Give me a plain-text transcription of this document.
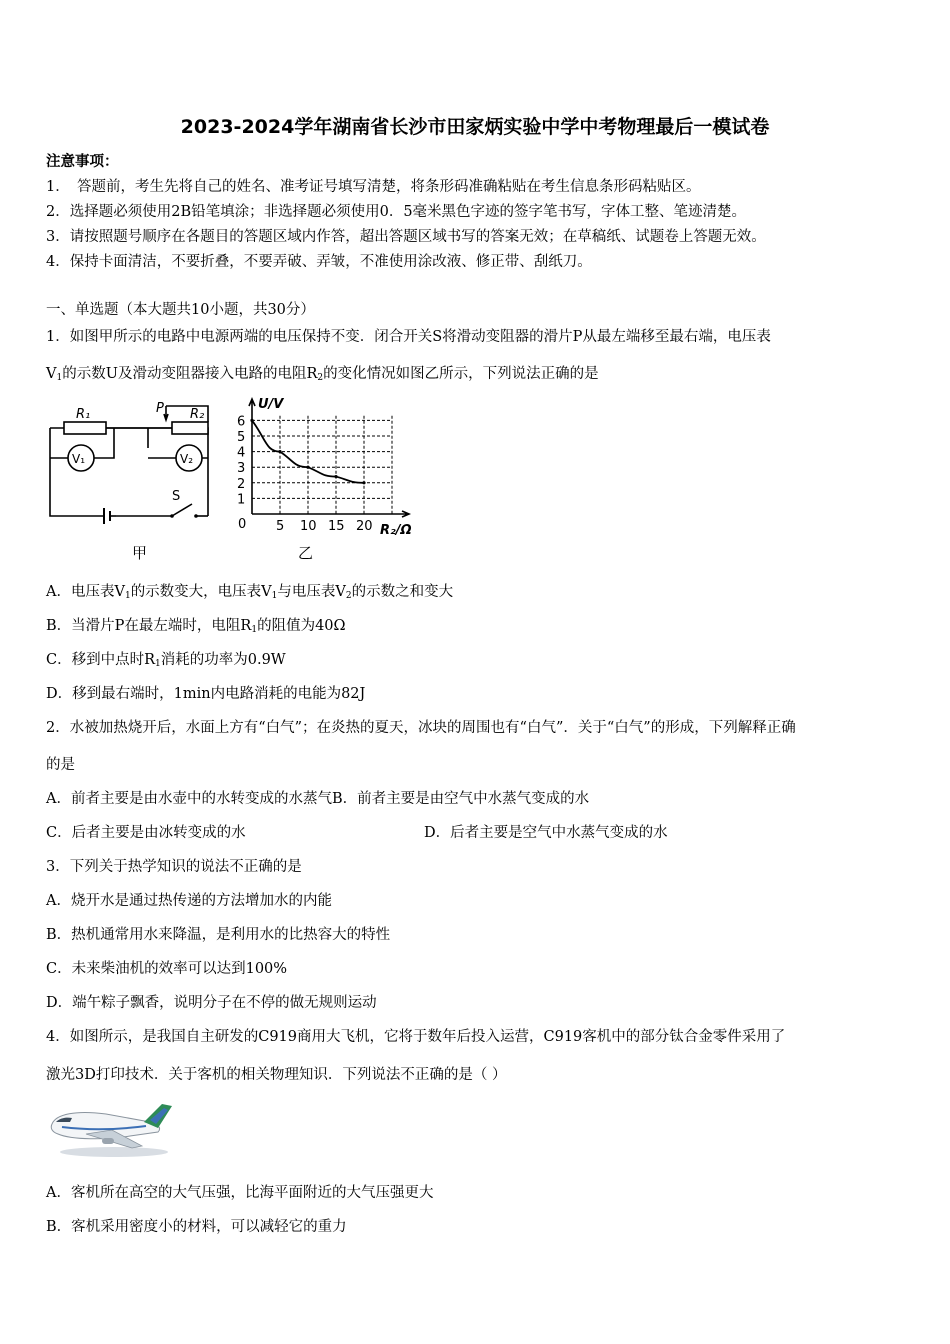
2023-2024学年湖南省长沙市田家炳实验中学中考物理最后一模试卷
注意事项：
1．　答题前，考生先将自己的姓名、准考证号填写清楚，将条形码准确粘贴在考生信息条形码粘贴区。
2．选择题必须使用2B铅笔填涂；非选择题必须使用0．5毫米黑色字迹的签字笔书写，字体工整、笔迹清楚。
3．请按照题号顺序在各题目的答题区域内作答，超出答题区域书写的答案无效；在草稿纸、试题卷上答题无效。
4．保持卡面清洁，不要折叠，不要弄破、弄皱，不准使用涂改液、修正带、刮纸刀。
一、单选题（本大题共10小题，共30分）
1．如图甲所示的电路中电源两端的电压保持不变．闭合开关S将滑动变阻器的滑片P从最左端移至最右端，电压表
$V_1$的示数U及滑动变阻器接入电路的电阻$R_2$的变化情况如图乙所示，下列说法正确的是
R₁	R₂
P
V₁	V₂
S
甲
1
2
3
4
5
6
5 10 15 20
U/V
R₂/Ω
0
乙
A．电压表$V_1$的示数变大，电压表$V_1$与电压表$V_2$的示数之和变大
B．当滑片P在最左端时，电阻$R_1$的阻值为40Ω
C．移到中点时$R_1$消耗的功率为0.9W
D．移到最右端时，1min内电路消耗的电能为82J
2．水被加热烧开后，水面上方有“白气”；在炎热的夏天，冰块的周围也有“白气”．关于“白气”的形成，下列解释正确
的是
A．前者主要是由水壶中的水转变成的水蒸气B．前者主要是由空气中水蒸气变成的水
C．后者主要是由冰转变成的水	D．后者主要是空气中水蒸气变成的水
3．下列关于热学知识的说法不正确的是
A．烧开水是通过热传递的方法增加水的内能
B．热机通常用水来降温，是利用水的比热容大的特性
C．未来柴油机的效率可以达到100%
D．端午粽子飘香，说明分子在不停的做无规则运动
4．如图所示，是我国自主研发的C919商用大飞机，它将于数年后投入运营，C919客机中的部分钛合金零件采用了
激光3D打印技术．关于客机的相关物理知识．下列说法不正确的是（ ）
A．客机所在高空的大气压强，比海平面附近的大气压强更大
B．客机采用密度小的材料，可以减轻它的重力
